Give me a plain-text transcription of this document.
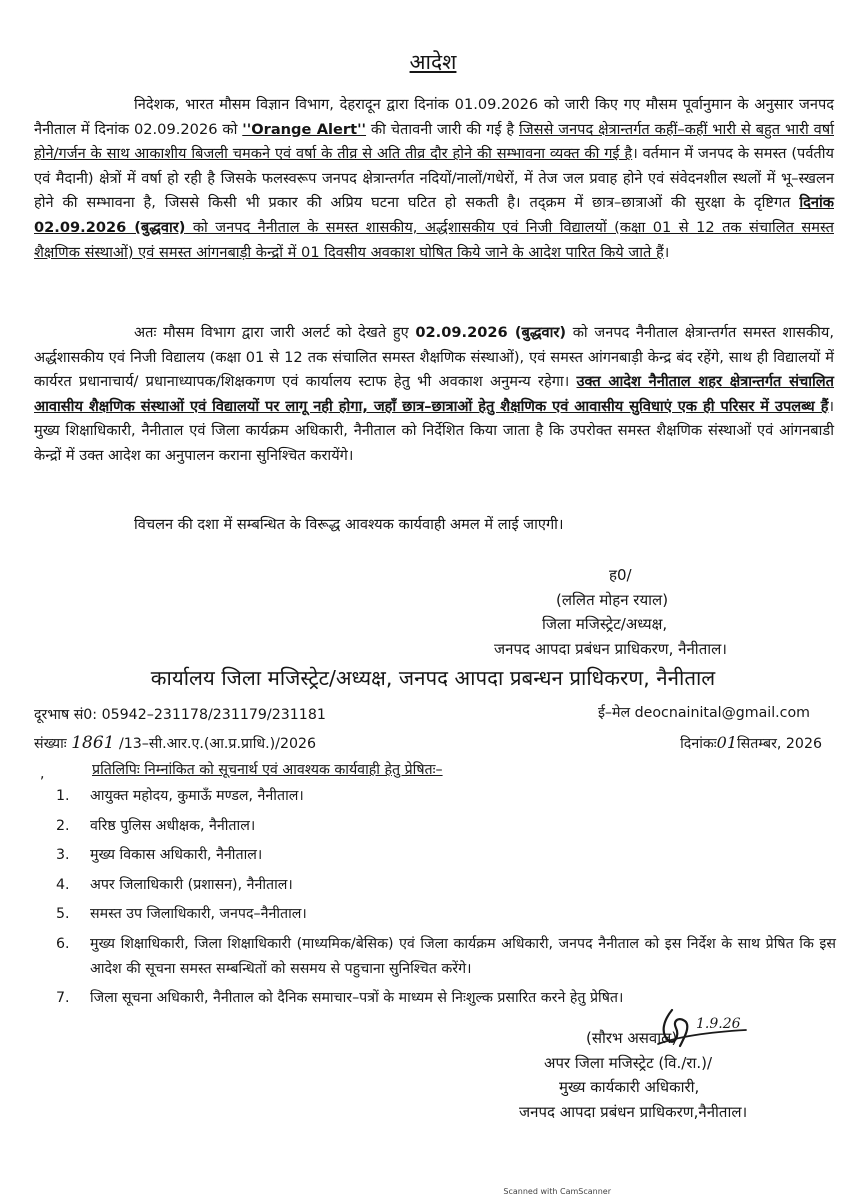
आदेश

निदेशक, भारत मौसम विज्ञान विभाग, देहरादून द्वारा दिनांक 01.09.2026 को जारी किए गए मौसम पूर्वानुमान के अनुसार जनपद नैनीताल में दिनांक 02.09.2026 को ''Orange Alert'' की चेतावनी जारी की गई है जिससे जनपद क्षेत्रान्तर्गत कहीं–कहीं भारी से बहुत भारी वर्षा होने/गर्जन के साथ आकाशीय बिजली चमकने एवं वर्षा के तीव्र से अति तीव्र दौर होने की सम्भावना व्यक्त की गई है। वर्तमान में जनपद के समस्त (पर्वतीय एवं मैदानी) क्षेत्रों में वर्षा हो रही है जिसके फलस्वरूप जनपद क्षेत्रान्तर्गत नदियों/नालों/गधेरों, में तेज जल प्रवाह होने एवं संवेदनशील स्थलों में भू–स्खलन होने की सम्भावना है, जिससे किसी भी प्रकार की अप्रिय घटना घटित हो सकती है। तद्क्रम में छात्र–छात्राओं की सुरक्षा के दृष्टिगत दिनांक 02.09.2026 (बुद्धवार) को जनपद नैनीताल के समस्त शासकीय, अर्द्धशासकीय एवं निजी विद्यालयों (कक्षा 01 से 12 तक संचालित समस्त शैक्षणिक संस्थाओं) एवं समस्त आंगनबाड़ी केन्द्रों में 01 दिवसीय अवकाश घोषित किये जाने के आदेश पारित किये जाते हैं।

अतः मौसम विभाग द्वारा जारी अलर्ट को देखते हुए 02.09.2026 (बुद्धवार) को जनपद नैनीताल क्षेत्रान्तर्गत समस्त शासकीय, अर्द्धशासकीय एवं निजी विद्यालय (कक्षा 01 से 12 तक संचालित समस्त शैक्षणिक संस्थाओं), एवं समस्त आंगनबाड़ी केन्द्र बंद रहेंगे, साथ ही विद्यालयों में कार्यरत प्रधानाचार्य/ प्रधानाध्यापक/शिक्षकगण एवं कार्यालय स्टाफ हेतु भी अवकाश अनुमन्य रहेगा। उक्त आदेश नैनीताल शहर क्षेत्रान्तर्गत संचालित आवासीय शैक्षणिक संस्थाओं एवं विद्यालयों पर लागू नही होगा, जहाँ छात्र–छात्राओं हेतु शैक्षणिक एवं आवासीय सुविधाएं एक ही परिसर में उपलब्ध हैं। मुख्य शिक्षाधिकारी, नैनीताल एवं जिला कार्यक्रम अधिकारी, नैनीताल को निर्देशित किया जाता है कि उपरोक्त समस्त शैक्षणिक संस्थाओं एवं आंगनबाडी केन्द्रों में उक्त आदेश का अनुपालन कराना सुनिश्चित करायेंगे।

विचलन की दशा में सम्बन्धित के विरूद्ध आवश्यक कार्यवाही अमल में लाई जाएगी।

ह0/
(ललित मोहन रयाल)
जिला मजिस्ट्रेट/अध्यक्ष,
जनपद आपदा प्रबंधन प्राधिकरण, नैनीताल।
कार्यालय जिला मजिस्ट्रेट/अध्यक्ष, जनपद आपदा प्रबन्धन प्राधिकरण, नैनीताल
दूरभाष सं0: 05942–231178/231179/231181	ई–मेल deocnainital@gmail.com
संख्याः 1861 /13–सी.आर.ए.(आ.प्र.प्राधि.)/2026	दिनांकः01सितम्बर, 2026
,	प्रतिलिपिः निम्नांकित को सूचनार्थ एवं आवश्यक कार्यवाही हेतु प्रेषितः–
1.	आयुक्त महोदय, कुमाऊँ मण्डल, नैनीताल।
2.	वरिष्ठ पुलिस अधीक्षक, नैनीताल।
3.	मुख्य विकास अधिकारी, नैनीताल।
4.	अपर जिलाधिकारी (प्रशासन), नैनीताल।
5.	समस्त उप जिलाधिकारी, जनपद–नैनीताल।
6.	मुख्य शिक्षाधिकारी, जिला शिक्षाधिकारी (माध्यमिक/बेसिक) एवं जिला कार्यक्रम अधिकारी, जनपद नैनीताल को इस निर्देश के साथ प्रेषित कि इस आदेश की सूचना समस्त सम्बन्धितों को ससमय से पहुचाना सुनिश्चित करेंगे।
7.	जिला सूचना अधिकारी, नैनीताल को दैनिक समाचार–पत्रों के माध्यम से निःशुल्क प्रसारित करने हेतु प्रेषित।
1.9.26
(सौरभ असवाल)
अपर जिला मजिस्ट्रेट (वि./रा.)/
मुख्य कार्यकारी अधिकारी,
जनपद आपदा प्रबंधन प्राधिकरण,नैनीताल।
Scanned with CamScanner
